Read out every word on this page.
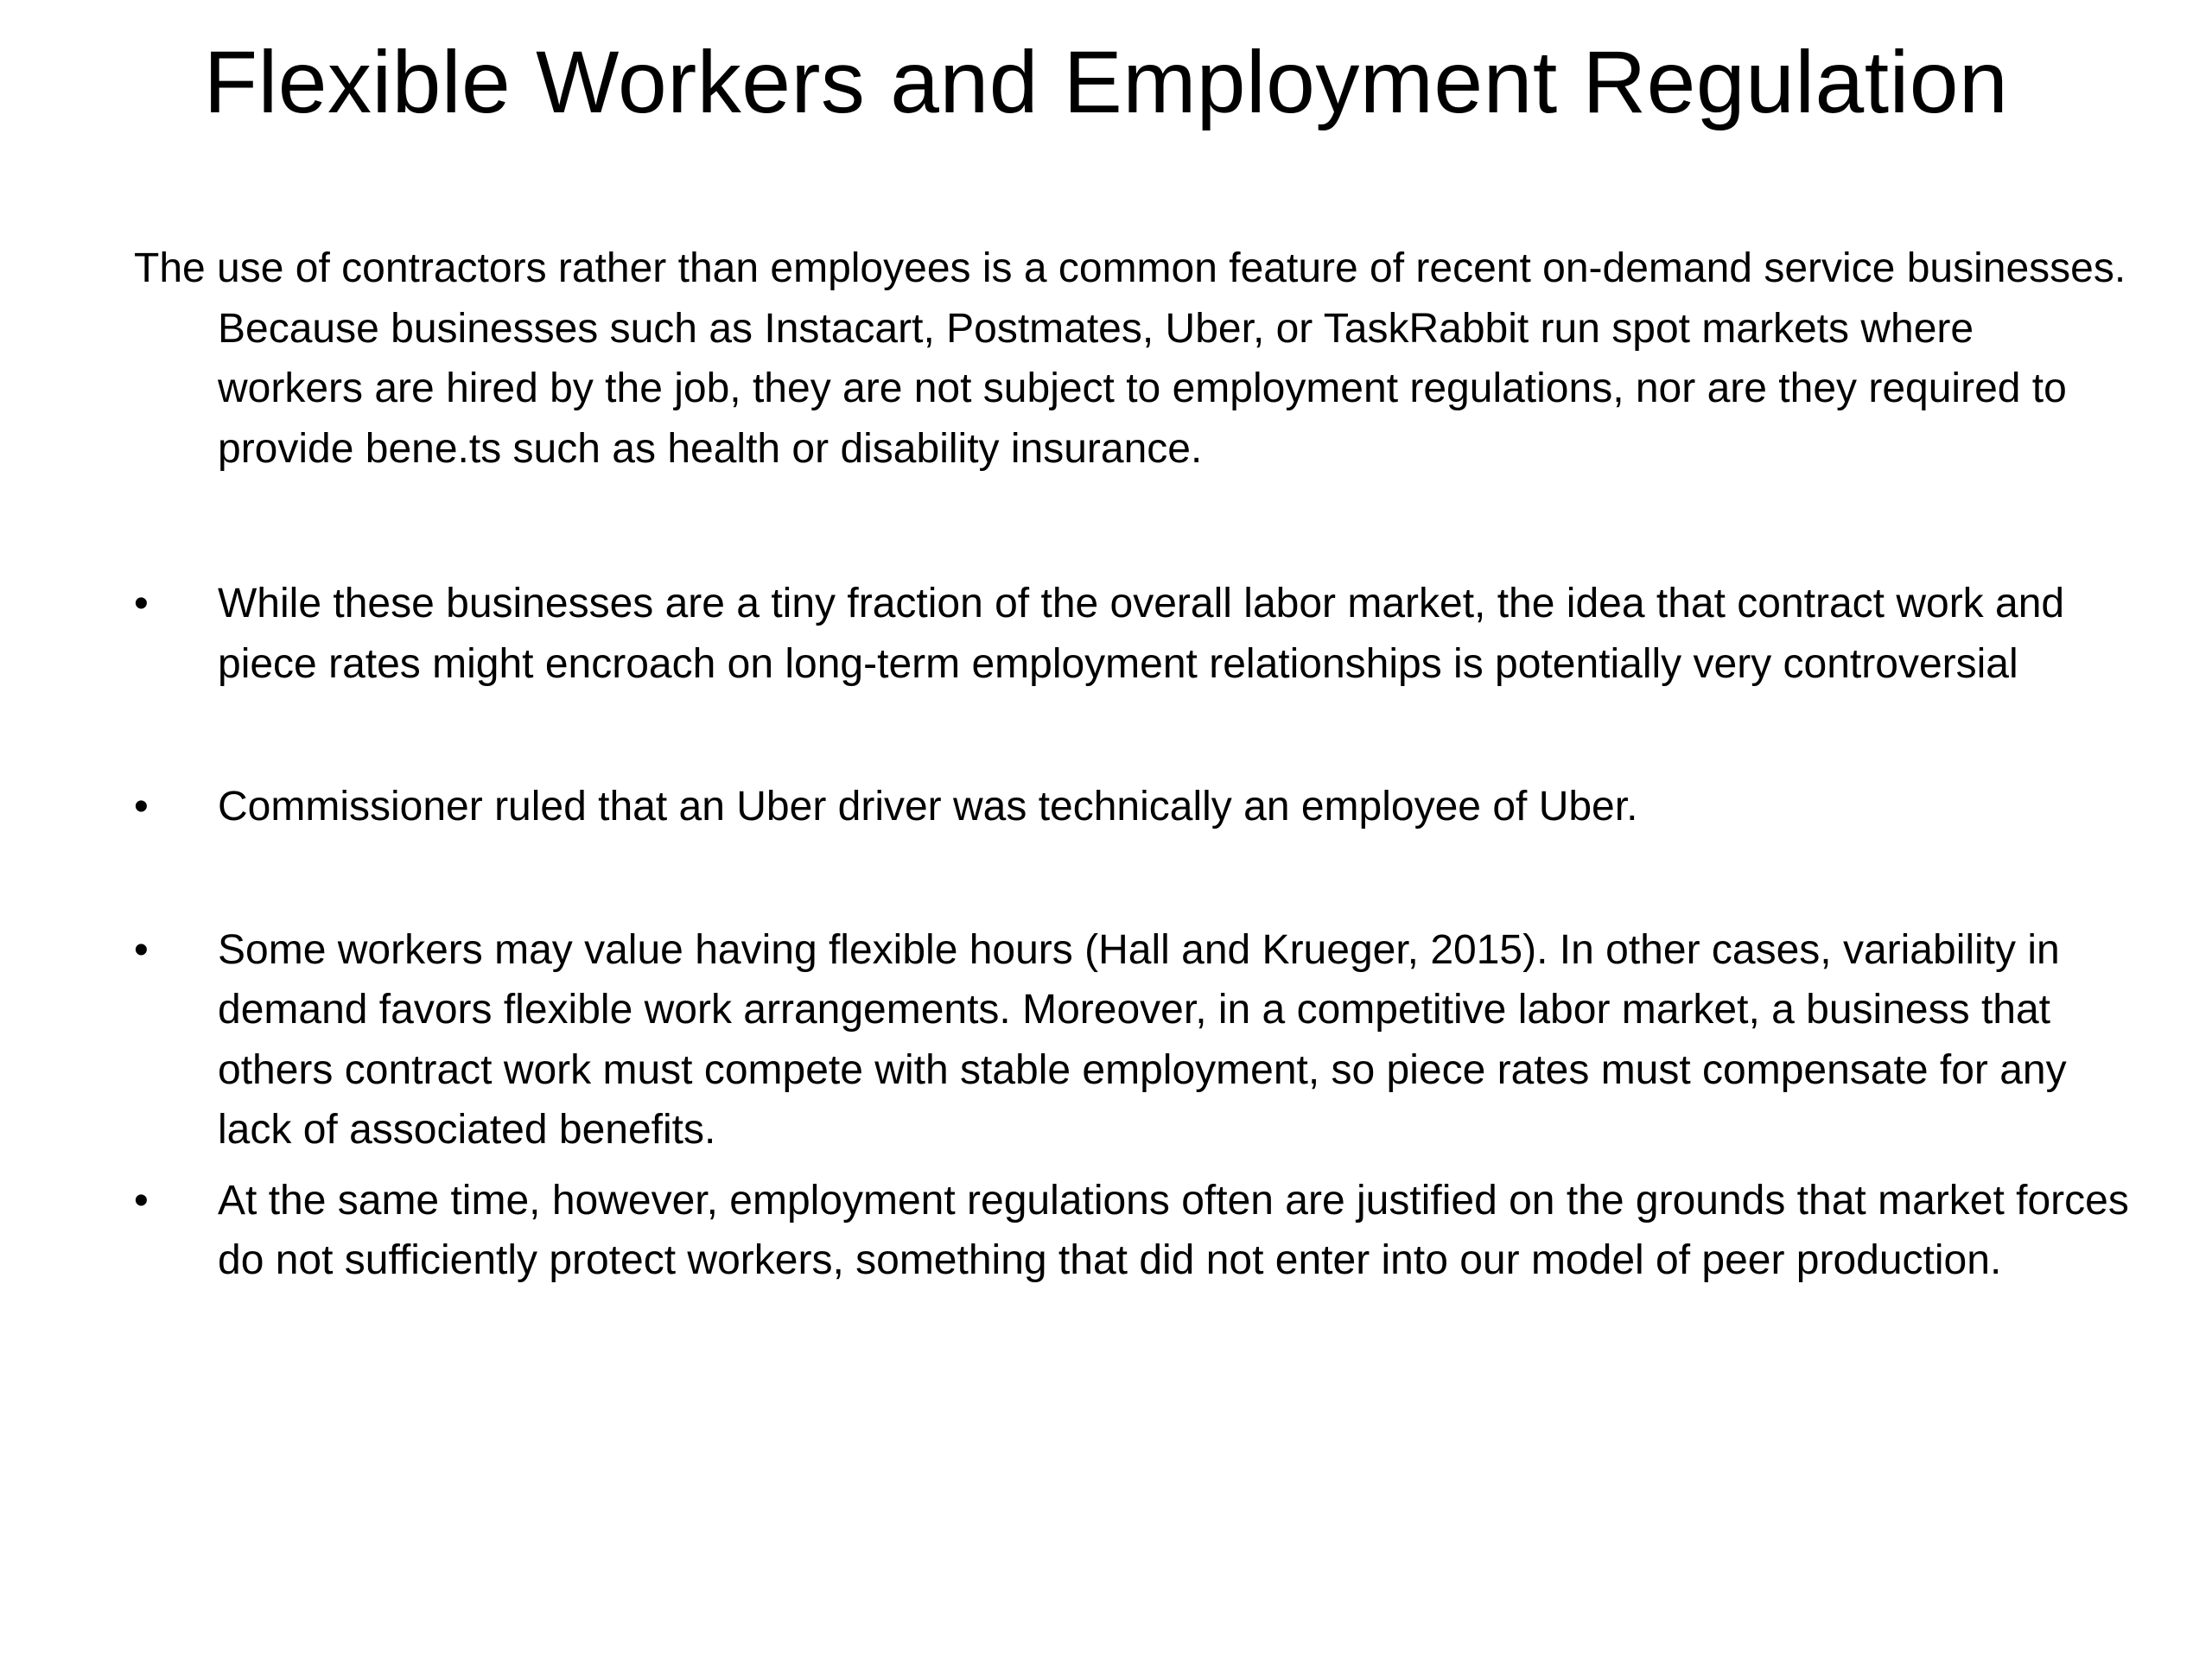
Flexible Workers and Employment Regulation

The use of contractors rather than employees is a common feature of recent on-demand service businesses. Because businesses such as Instacart, Postmates, Uber, or TaskRabbit run spot markets where workers are hired by the job, they are not subject to employment regulations, nor are they required to provide bene.ts such as health or disability insurance.

• While these businesses are a tiny fraction of the overall labor market, the idea that contract work and piece rates might encroach on long-term employment relationships is potentially very controversial
• Commissioner ruled that an Uber driver was technically an employee of Uber.
• Some workers may value having flexible hours (Hall and Krueger, 2015). In other cases, variability in demand favors flexible work arrangements. Moreover, in a competitive labor market, a business that others contract work must compete with stable employment, so piece rates must compensate for any lack of associated benefits.
• At the same time, however, employment regulations often are justified on the grounds that market forces do not sufficiently protect workers, something that did not enter into our model of peer production.
